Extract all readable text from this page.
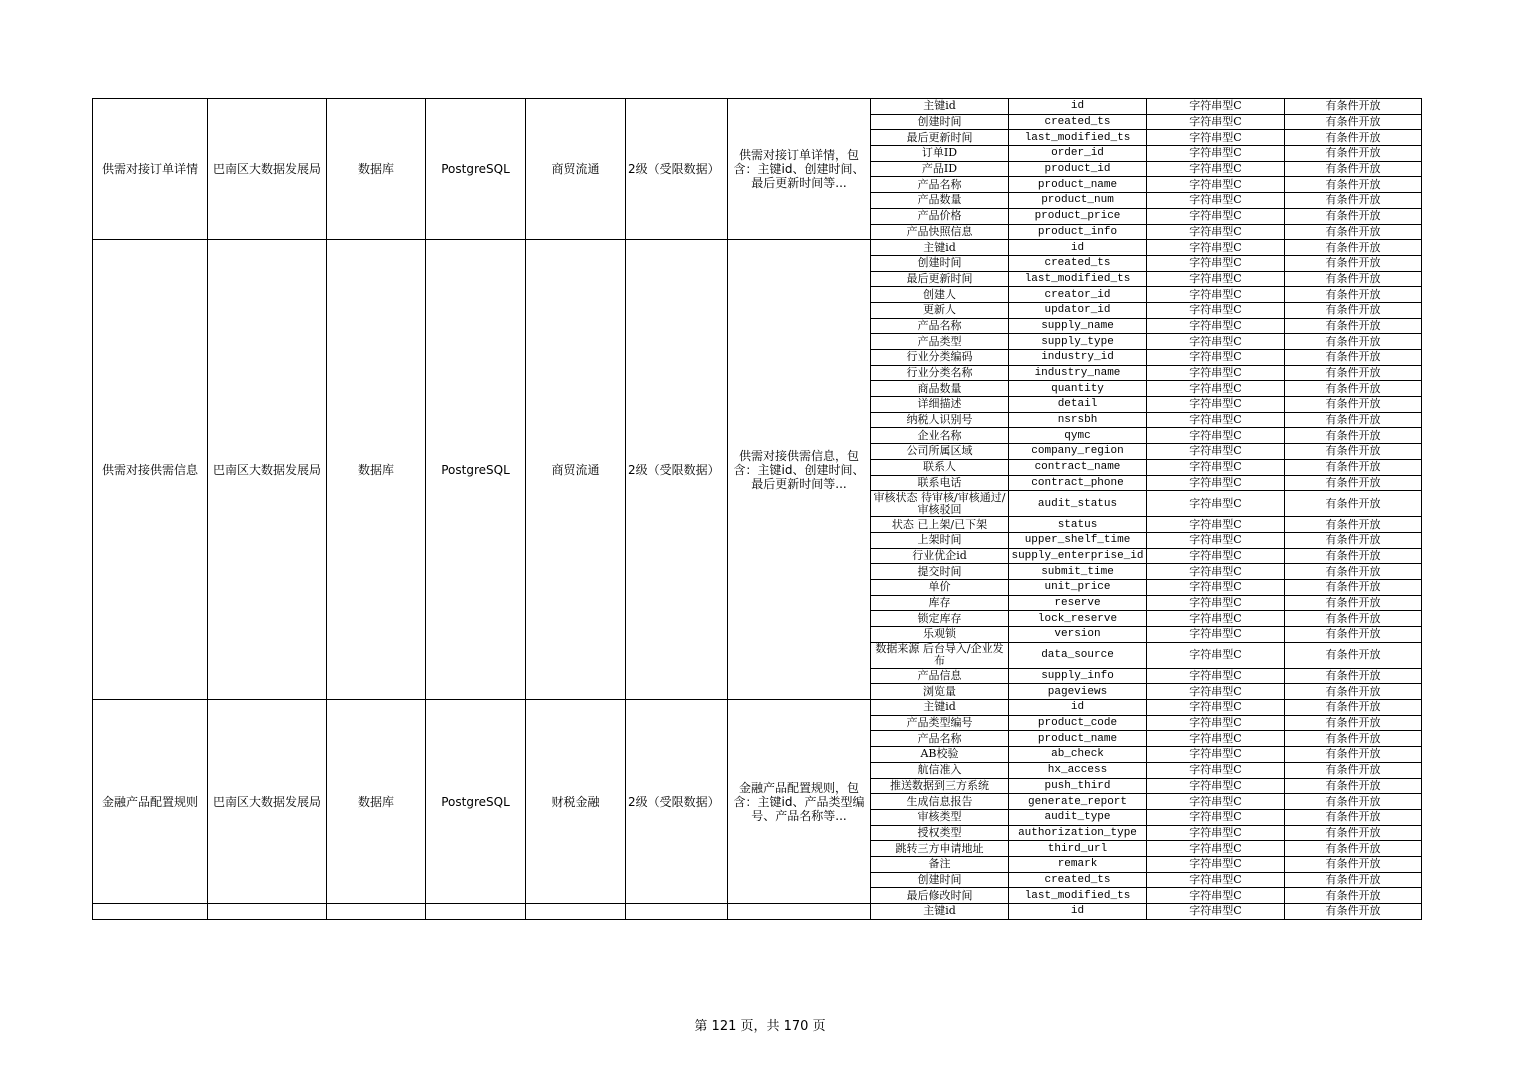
供需对接订单详情	巴南区大数据发展局	数据库	PostgreSQL	商贸流通	2级（受限数据）	供需对接订单详情，包含：主键id、创建时间、最后更新时间等...	主键id	id	字符串型C	有条件开放
							创建时间	created_ts	字符串型C	有条件开放
							最后更新时间	last_modified_ts	字符串型C	有条件开放
							订单ID	order_id	字符串型C	有条件开放
							产品ID	product_id	字符串型C	有条件开放
							产品名称	product_name	字符串型C	有条件开放
							产品数量	product_num	字符串型C	有条件开放
							产品价格	product_price	字符串型C	有条件开放
							产品快照信息	product_info	字符串型C	有条件开放
供需对接供需信息	巴南区大数据发展局	数据库	PostgreSQL	商贸流通	2级（受限数据）	供需对接供需信息，包含：主键id、创建时间、最后更新时间等...	主键id	id	字符串型C	有条件开放
							创建时间	created_ts	字符串型C	有条件开放
							最后更新时间	last_modified_ts	字符串型C	有条件开放
							创建人	creator_id	字符串型C	有条件开放
							更新人	updator_id	字符串型C	有条件开放
							产品名称	supply_name	字符串型C	有条件开放
							产品类型	supply_type	字符串型C	有条件开放
							行业分类编码	industry_id	字符串型C	有条件开放
							行业分类名称	industry_name	字符串型C	有条件开放
							商品数量	quantity	字符串型C	有条件开放
							详细描述	detail	字符串型C	有条件开放
							纳税人识别号	nsrsbh	字符串型C	有条件开放
							企业名称	qymc	字符串型C	有条件开放
							公司所属区域	company_region	字符串型C	有条件开放
							联系人	contract_name	字符串型C	有条件开放
							联系电话	contract_phone	字符串型C	有条件开放
							审核状态 待审核/审核通过/审核驳回	audit_status	字符串型C	有条件开放
							状态 已上架/已下架	status	字符串型C	有条件开放
							上架时间	upper_shelf_time	字符串型C	有条件开放
							行业优企id	supply_enterprise_id	字符串型C	有条件开放
							提交时间	submit_time	字符串型C	有条件开放
							单价	unit_price	字符串型C	有条件开放
							库存	reserve	字符串型C	有条件开放
							锁定库存	lock_reserve	字符串型C	有条件开放
							乐观锁	version	字符串型C	有条件开放
							数据来源 后台导入/企业发布	data_source	字符串型C	有条件开放
							产品信息	supply_info	字符串型C	有条件开放
							浏览量	pageviews	字符串型C	有条件开放
金融产品配置规则	巴南区大数据发展局	数据库	PostgreSQL	财税金融	2级（受限数据）	金融产品配置规则，包含：主键id、产品类型编号、产品名称等...	主键id	id	字符串型C	有条件开放
							产品类型编号	product_code	字符串型C	有条件开放
							产品名称	product_name	字符串型C	有条件开放
							AB校验	ab_check	字符串型C	有条件开放
							航信准入	hx_access	字符串型C	有条件开放
							推送数据到三方系统	push_third	字符串型C	有条件开放
							生成信息报告	generate_report	字符串型C	有条件开放
							审核类型	audit_type	字符串型C	有条件开放
							授权类型	authorization_type	字符串型C	有条件开放
							跳转三方申请地址	third_url	字符串型C	有条件开放
							备注	remark	字符串型C	有条件开放
							创建时间	created_ts	字符串型C	有条件开放
							最后修改时间	last_modified_ts	字符串型C	有条件开放
							主键id	id	字符串型C	有条件开放
第 121 页，共 170 页
